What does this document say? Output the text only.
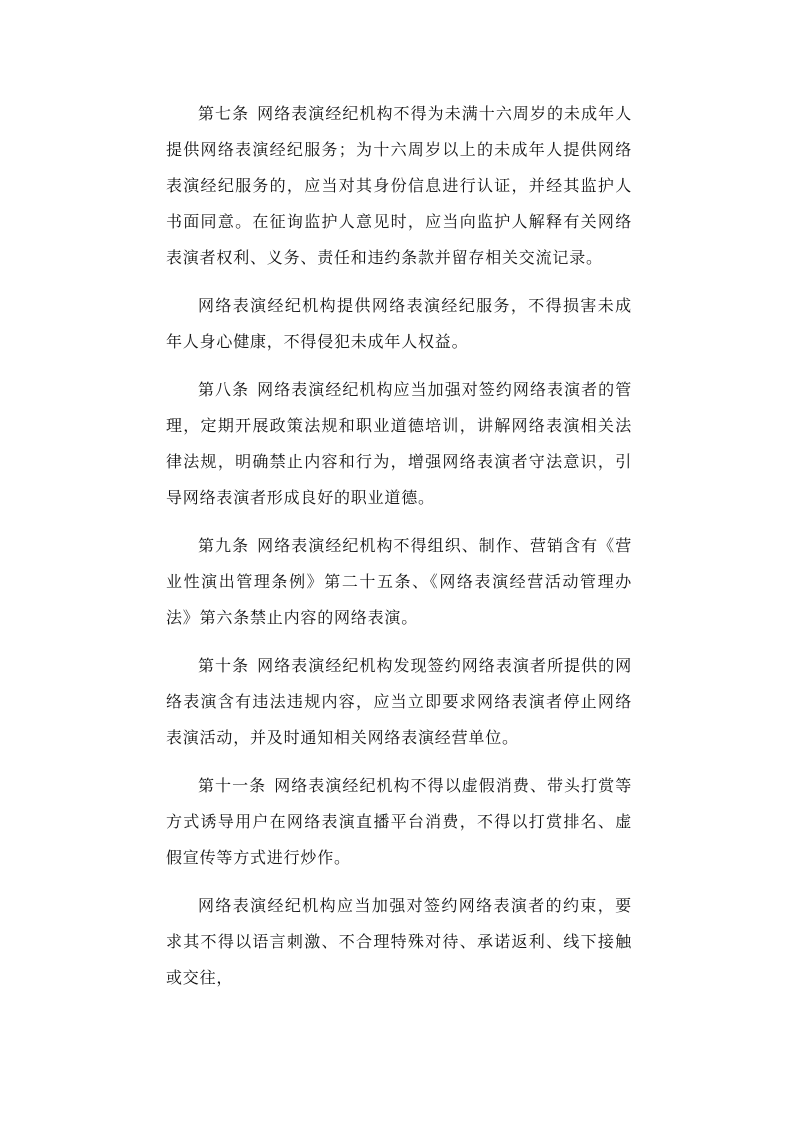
第七条 网络表演经纪机构不得为未满十六周岁的未成年人提供网络表演经纪服务；为十六周岁以上的未成年人提供网络表演经纪服务的，应当对其身份信息进行认证，并经其监护人书面同意。在征询监护人意见时，应当向监护人解释有关网络表演者权利、义务、责任和违约条款并留存相关交流记录。

网络表演经纪机构提供网络表演经纪服务，不得损害未成年人身心健康，不得侵犯未成年人权益。

第八条 网络表演经纪机构应当加强对签约网络表演者的管理，定期开展政策法规和职业道德培训，讲解网络表演相关法律法规，明确禁止内容和行为，增强网络表演者守法意识，引导网络表演者形成良好的职业道德。

第九条 网络表演经纪机构不得组织、制作、营销含有《营业性演出管理条例》第二十五条、《网络表演经营活动管理办法》第六条禁止内容的网络表演。

第十条 网络表演经纪机构发现签约网络表演者所提供的网络表演含有违法违规内容，应当立即要求网络表演者停止网络表演活动，并及时通知相关网络表演经营单位。

第十一条 网络表演经纪机构不得以虚假消费、带头打赏等方式诱导用户在网络表演直播平台消费，不得以打赏排名、虚假宣传等方式进行炒作。

网络表演经纪机构应当加强对签约网络表演者的约束，要求其不得以语言刺激、不合理特殊对待、承诺返利、线下接触或交往，
